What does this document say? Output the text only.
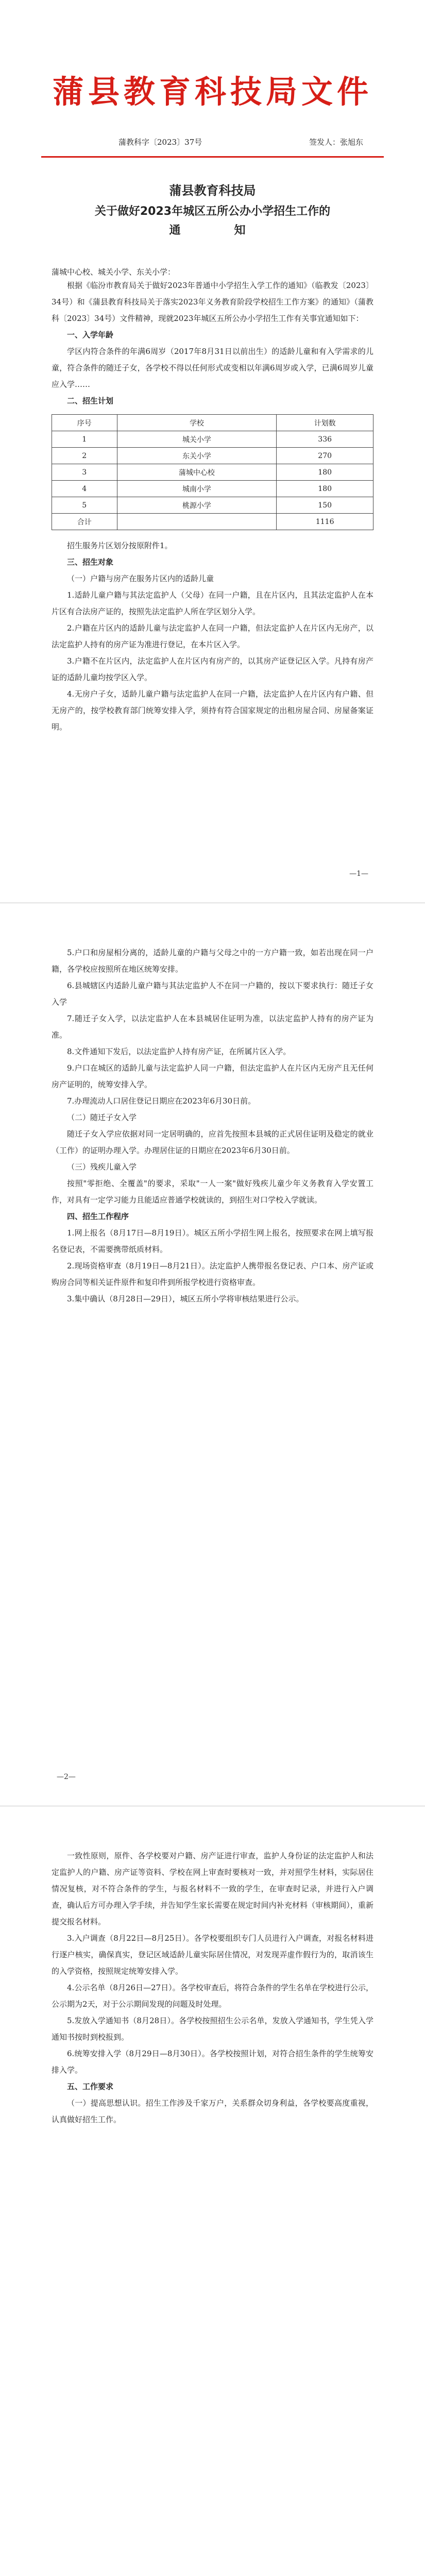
蒲县教育科技局文件
蒲教科字〔2023〕37号	签发人：张旭东
蒲县教育科技局
关于做好2023年城区五所公办小学招生工作的
通　　知
蒲城中心校、城关小学、东关小学：
根据《临汾市教育局关于做好2023年普通中小学招生入学工作的通知》（临教发〔2023〕34号）和《蒲县教育科技局关于落实2023年义务教育阶段学校招生工作方案》的通知》（蒲教科〔2023〕34号）文件精神，现就2023年城区五所公办小学招生工作有关事宜通知如下：
一、入学年龄
学区内符合条件的年满6周岁（2017年8月31日以前出生）的适龄儿童和有入学需求的儿童，符合条件的随迁子女，各学校不得以任何形式或变相以年满6周岁或入学，已满6周岁儿童应入学……
二、招生计划
序号	学校	计划数
1	城关小学	336
2	东关小学	270
3	蒲城中心校	180
4	城南小学	180
5	桃源小学	150
合计		1116
招生服务片区划分按原附件1。
三、招生对象
（一）户籍与房产在服务片区内的适龄儿童
1.适龄儿童户籍与其法定监护人（父母）在同一户籍，且在片区内，且其法定监护人在本片区有合法房产证的，按照先法定监护人所在学区划分入学。
2.户籍在片区内的适龄儿童与法定监护人在同一户籍，但法定监护人在片区内无房产，以法定监护人持有的房产证为准进行登记，在本片区入学。
3.户籍不在片区内，法定监护人在片区内有房产的，以其房产证登记区入学。凡持有房产证的适龄儿童均按学区入学。
4.无房户子女，适龄儿童户籍与法定监护人在同一户籍，法定监护人在片区内有户籍、但无房产的，按学校教育部门统筹安排入学，须持有符合国家规定的出租房屋合同、房屋备案证明。
—1—
5.户口和房屋相分离的，适龄儿童的户籍与父母之中的一方户籍一致，如若出现在同一户籍，各学校应按照所在地区统筹安排。
6.县城辖区内适龄儿童户籍与其法定监护人不在同一户籍的，按以下要求执行：随迁子女入学
7.随迁子女入学，以法定监护人在本县城居住证明为准，以法定监护人持有的房产证为准。
8.文件通知下发后，以法定监护人持有房产证，在所属片区入学。
9.户口在城区的适龄儿童与法定监护人同一户籍，但法定监护人在片区内无房产且无任何房产证明的，统筹安排入学。
7.办理流动人口居住登记日期应在2023年6月30日前。
（二）随迁子女入学
随迁子女入学应依据对同一定居明确的，应首先按照本县城的正式居住证明及稳定的就业（工作）的证明办理入学。办理居住证的日期应在2023年6月30日前。
（三）残疾儿童入学
按照"零拒绝、全覆盖"的要求，采取"一人一案"做好残疾儿童少年义务教育入学安置工作，对具有一定学习能力且能适应普通学校就读的，到招生对口学校入学就读。
四、招生工作程序
1.网上报名（8月17日—8月19日）。城区五所小学招生网上报名，按照要求在网上填写报名登记表，不需要携带纸质材料。
2.现场资格审查（8月19日—8月21日）。法定监护人携带报名登记表、户口本、房产证或购房合同等相关证件原件和复印件到所报学校进行资格审查。
3.集中确认（8月28日—29日），城区五所小学将审核结果进行公示。
—2—
一致性原则，原件、各学校要对户籍、房产证进行审查，监护人身份证的法定监护人和法定监护人的户籍、房产证等资料、学校在网上审查时要核对一致，并对照学生材料，实际居住情况复核，对不符合条件的学生，与报名材料不一致的学生，在审查时记录，并进行入户调查，确认后方可办理入学手续，并告知学生家长需要在规定时间内补充材料（审核期间），重新提交报名材料。
3.入户调查（8月22日—8月25日）。各学校要组织专门人员进行入户调查，对报名材料进行逐户核实，确保真实，登记区域适龄儿童实际居住情况，对发现弄虚作假行为的，取消该生的入学资格，按照规定统筹安排入学。
4.公示名单（8月26日—27日）。各学校审查后，将符合条件的学生名单在学校进行公示，公示期为2天，对于公示期间发现的问题及时处理。
5.发放入学通知书（8月28日）。各学校按照招生公示名单，发放入学通知书，学生凭入学通知书按时到校报到。
6.统筹安排入学（8月29日—8月30日）。各学校按照计划，对符合招生条件的学生统筹安排入学。
五、工作要求
（一）提高思想认识。招生工作涉及千家万户，关系群众切身利益，各学校要高度重视，认真做好招生工作。
